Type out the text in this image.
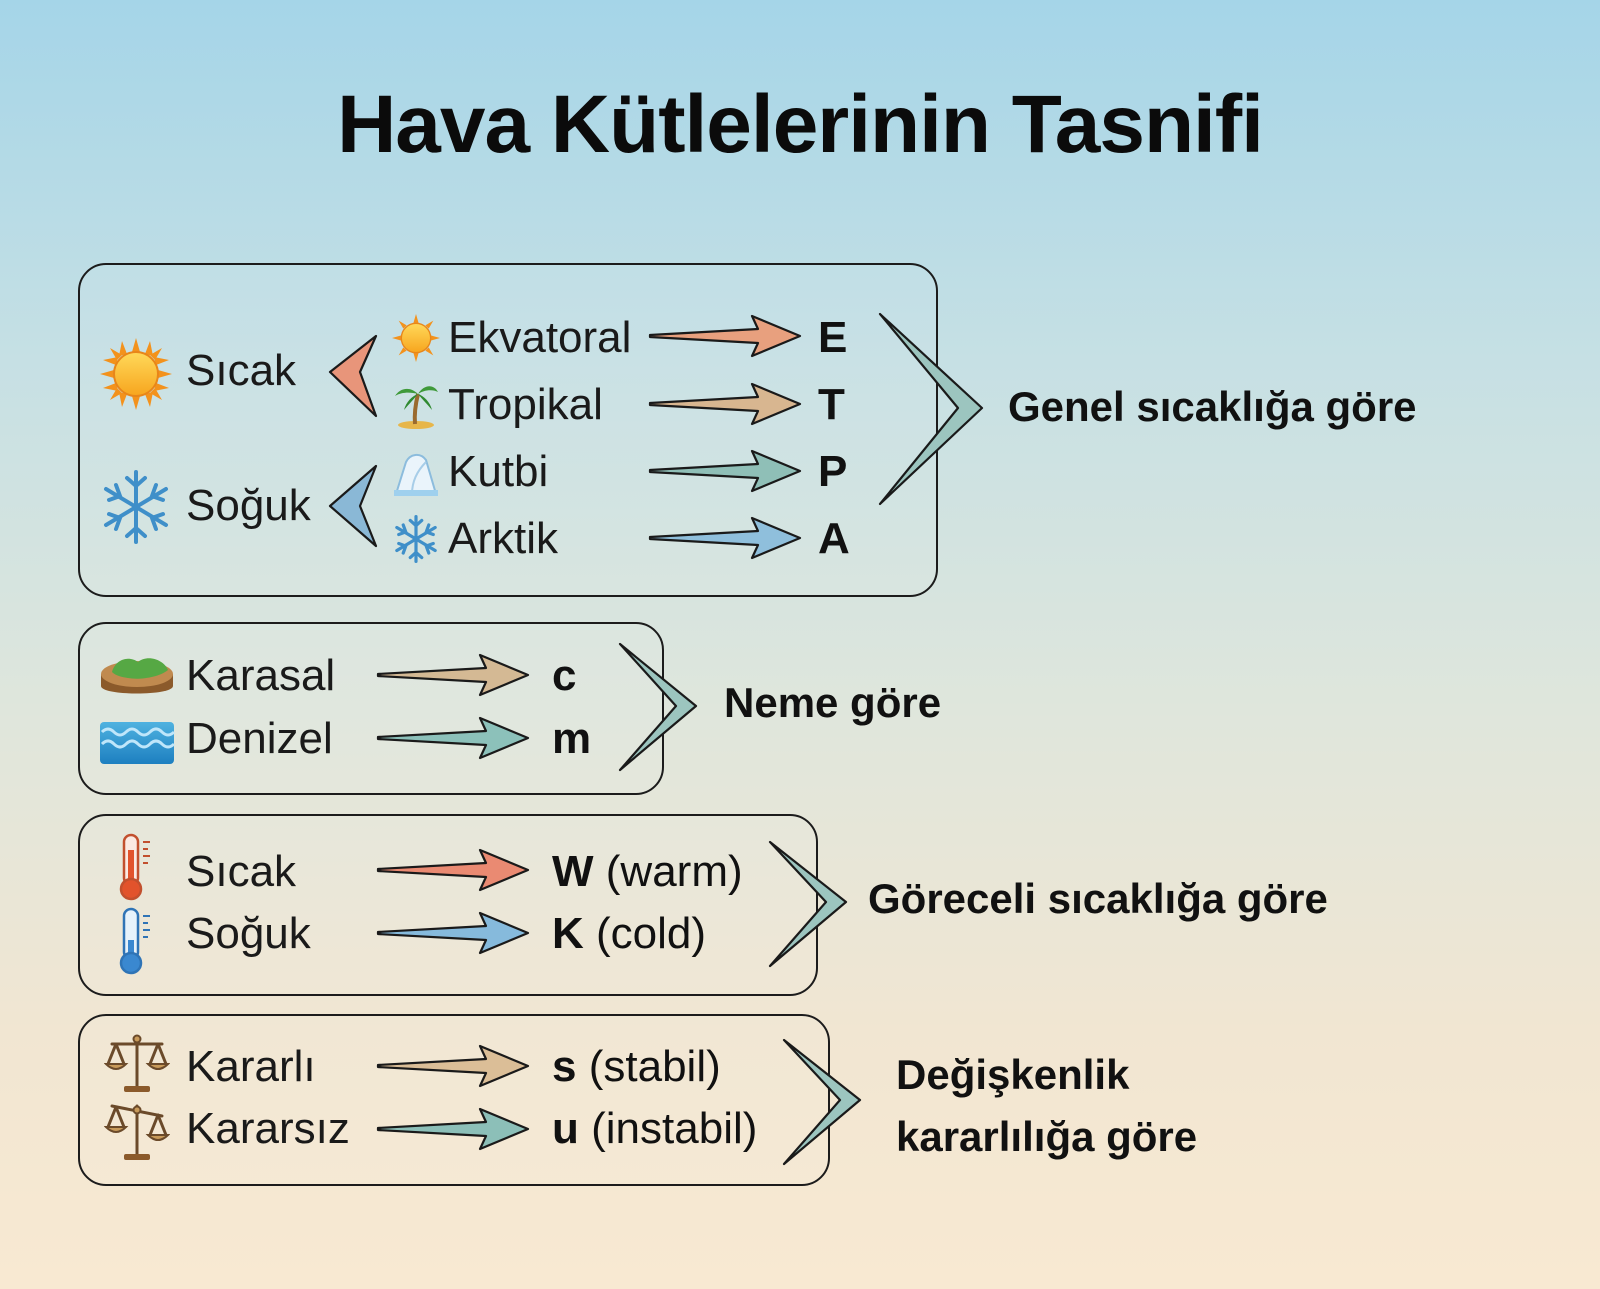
Hava Kütlelerinin Tasnifi
Sıcak
Soğuk
Ekvatoral
Tropikal
Kutbi
Arktik
E
T
P
A
Genel sıcaklığa göre
Karasal
Denizel
c
m
Neme göre
Sıcak
Soğuk
W (warm)
K (cold)
Göreceli sıcaklığa göre
Kararlı
Kararsız
s (stabil)
u (instabil)
Değişkenlik
kararlılığa göre
